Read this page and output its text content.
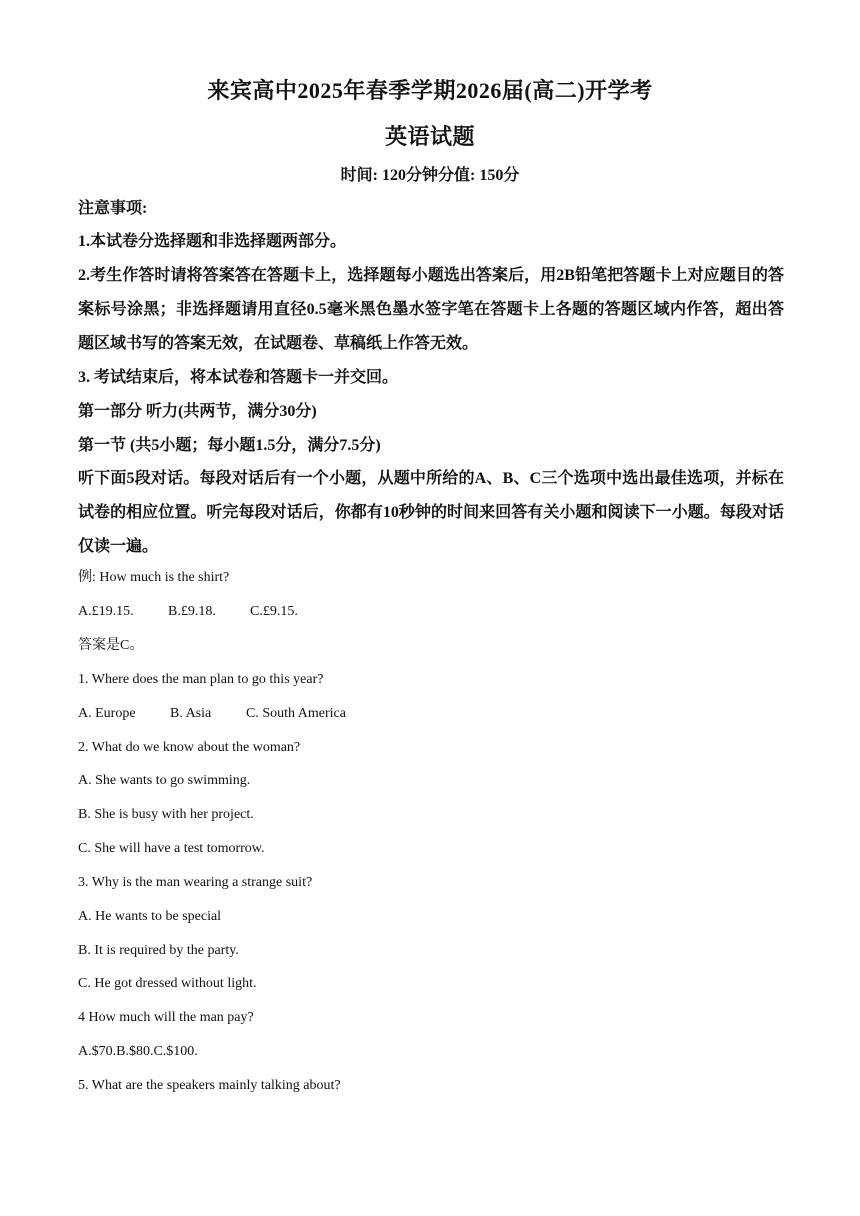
来宾高中2025年春季学期2026届(高二)开学考
英语试题
时间: 120分钟分值: 150分
注意事项:
1.本试卷分选择题和非选择题两部分。
2.考生作答时请将答案答在答题卡上，选择题每小题选出答案后，用2B铅笔把答题卡上对应题目的答案标号涂黑；非选择题请用直径0.5毫米黑色墨水签字笔在答题卡上各题的答题区域内作答，超出答题区域书写的答案无效，在试题卷、草稿纸上作答无效。
3. 考试结束后，将本试卷和答题卡一并交回。
第一部分 听力(共两节，满分30分)
第一节 (共5小题；每小题1.5分，满分7.5分)
听下面5段对话。每段对话后有一个小题，从题中所给的A、B、C三个选项中选出最佳选项，并标在试卷的相应位置。听完每段对话后，你都有10秒钟的时间来回答有关小题和阅读下一小题。每段对话仅读一遍。
例: How much is the shirt?
A.£19.15. B.£9.18. C.£9.15.
答案是C。
1. Where does the man plan to go this year?
A. Europe B. Asia C. South America
2. What do we know about the woman?
A. She wants to go swimming.
B. She is busy with her project.
C. She will have a test tomorrow.
3. Why is the man wearing a strange suit?
A. He wants to be special
B. It is required by the party.
C. He got dressed without light.
4 How much will the man pay?
A.$70.B.$80.C.$100.
5. What are the speakers mainly talking about?
